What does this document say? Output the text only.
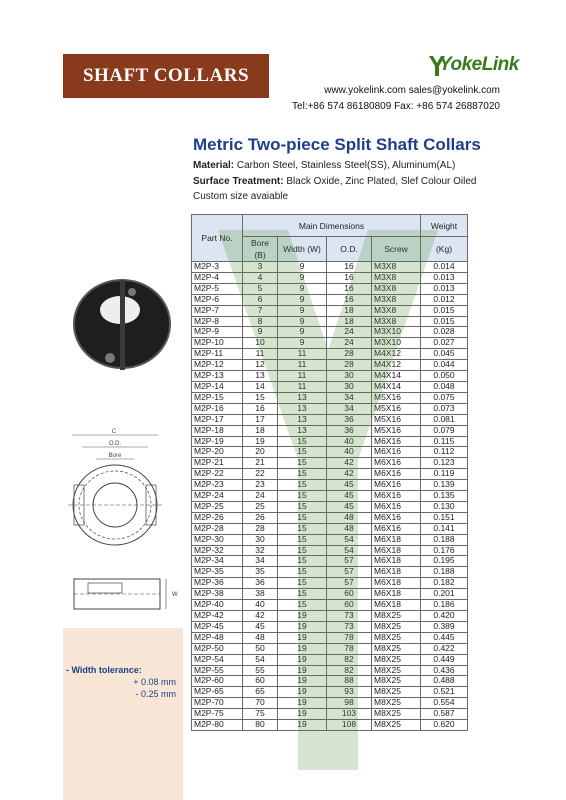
SHAFT COLLARS
YokeLink
www.yokelink.com sales@yokelink.com
Tel:+86 574 86180809 Fax: +86 574 26887020
Metric Two-piece Split Shaft Collars
Material: Carbon Steel, Stainless Steel(SS), Aluminum(AL)
Surface Treatment: Black Oxide, Zinc Plated, Slef Colour Oiled
Custom size avaiable
C
O.D.
Bore
W
- Width tolerance:
+ 0.08 mm
- 0.25 mm
Part No.	Main Dimensions				Weight
	Bore
(B)	Width (W)	O.D.	Screw	(Kg)
M2P-3	3	9	16	M3X8	0.014
M2P-4	4	9	16	M3X8	0.013
M2P-5	5	9	16	M3X8	0.013
M2P-6	6	9	16	M3X8	0.012
M2P-7	7	9	18	M3X8	0.015
M2P-8	8	9	18	M3X8	0.015
M2P-9	9	9	24	M3X10	0.028
M2P-10	10	9	24	M3X10	0.027
M2P-11	11	11	28	M4X12	0.045
M2P-12	12	11	28	M4X12	0.044
M2P-13	13	11	30	M4X14	0.050
M2P-14	14	11	30	M4X14	0.048
M2P-15	15	13	34	M5X16	0.075
M2P-16	16	13	34	M5X16	0.073
M2P-17	17	13	36	M5X16	0.081
M2P-18	18	13	36	M5X16	0.079
M2P-19	19	15	40	M6X16	0.115
M2P-20	20	15	40	M6X16	0.112
M2P-21	21	15	42	M6X16	0.123
M2P-22	22	15	42	M6X16	0.119
M2P-23	23	15	45	M6X16	0.139
M2P-24	24	15	45	M6X16	0.135
M2P-25	25	15	45	M6X16	0.130
M2P-26	26	15	48	M6X16	0.151
M2P-28	28	15	48	M6X16	0.141
M2P-30	30	15	54	M6X18	0.188
M2P-32	32	15	54	M6X18	0.176
M2P-34	34	15	57	M6X18	0.195
M2P-35	35	15	57	M6X18	0.188
M2P-36	36	15	57	M6X18	0.182
M2P-38	38	15	60	M6X18	0.201
M2P-40	40	15	60	M6X18	0.186
M2P-42	42	19	73	M8X25	0.420
M2P-45	45	19	73	M8X25	0.389
M2P-48	48	19	78	M8X25	0.445
M2P-50	50	19	78	M8X25	0.422
M2P-54	54	19	82	M8X25	0.449
M2P-55	55	19	82	M8X25	0.436
M2P-60	60	19	88	M8X25	0.488
M2P-65	65	19	93	M8X25	0.521
M2P-70	70	19	98	M8X25	0.554
M2P-75	75	19	103	M8X25	0.587
M2P-80	80	19	108	M8X25	0.620
